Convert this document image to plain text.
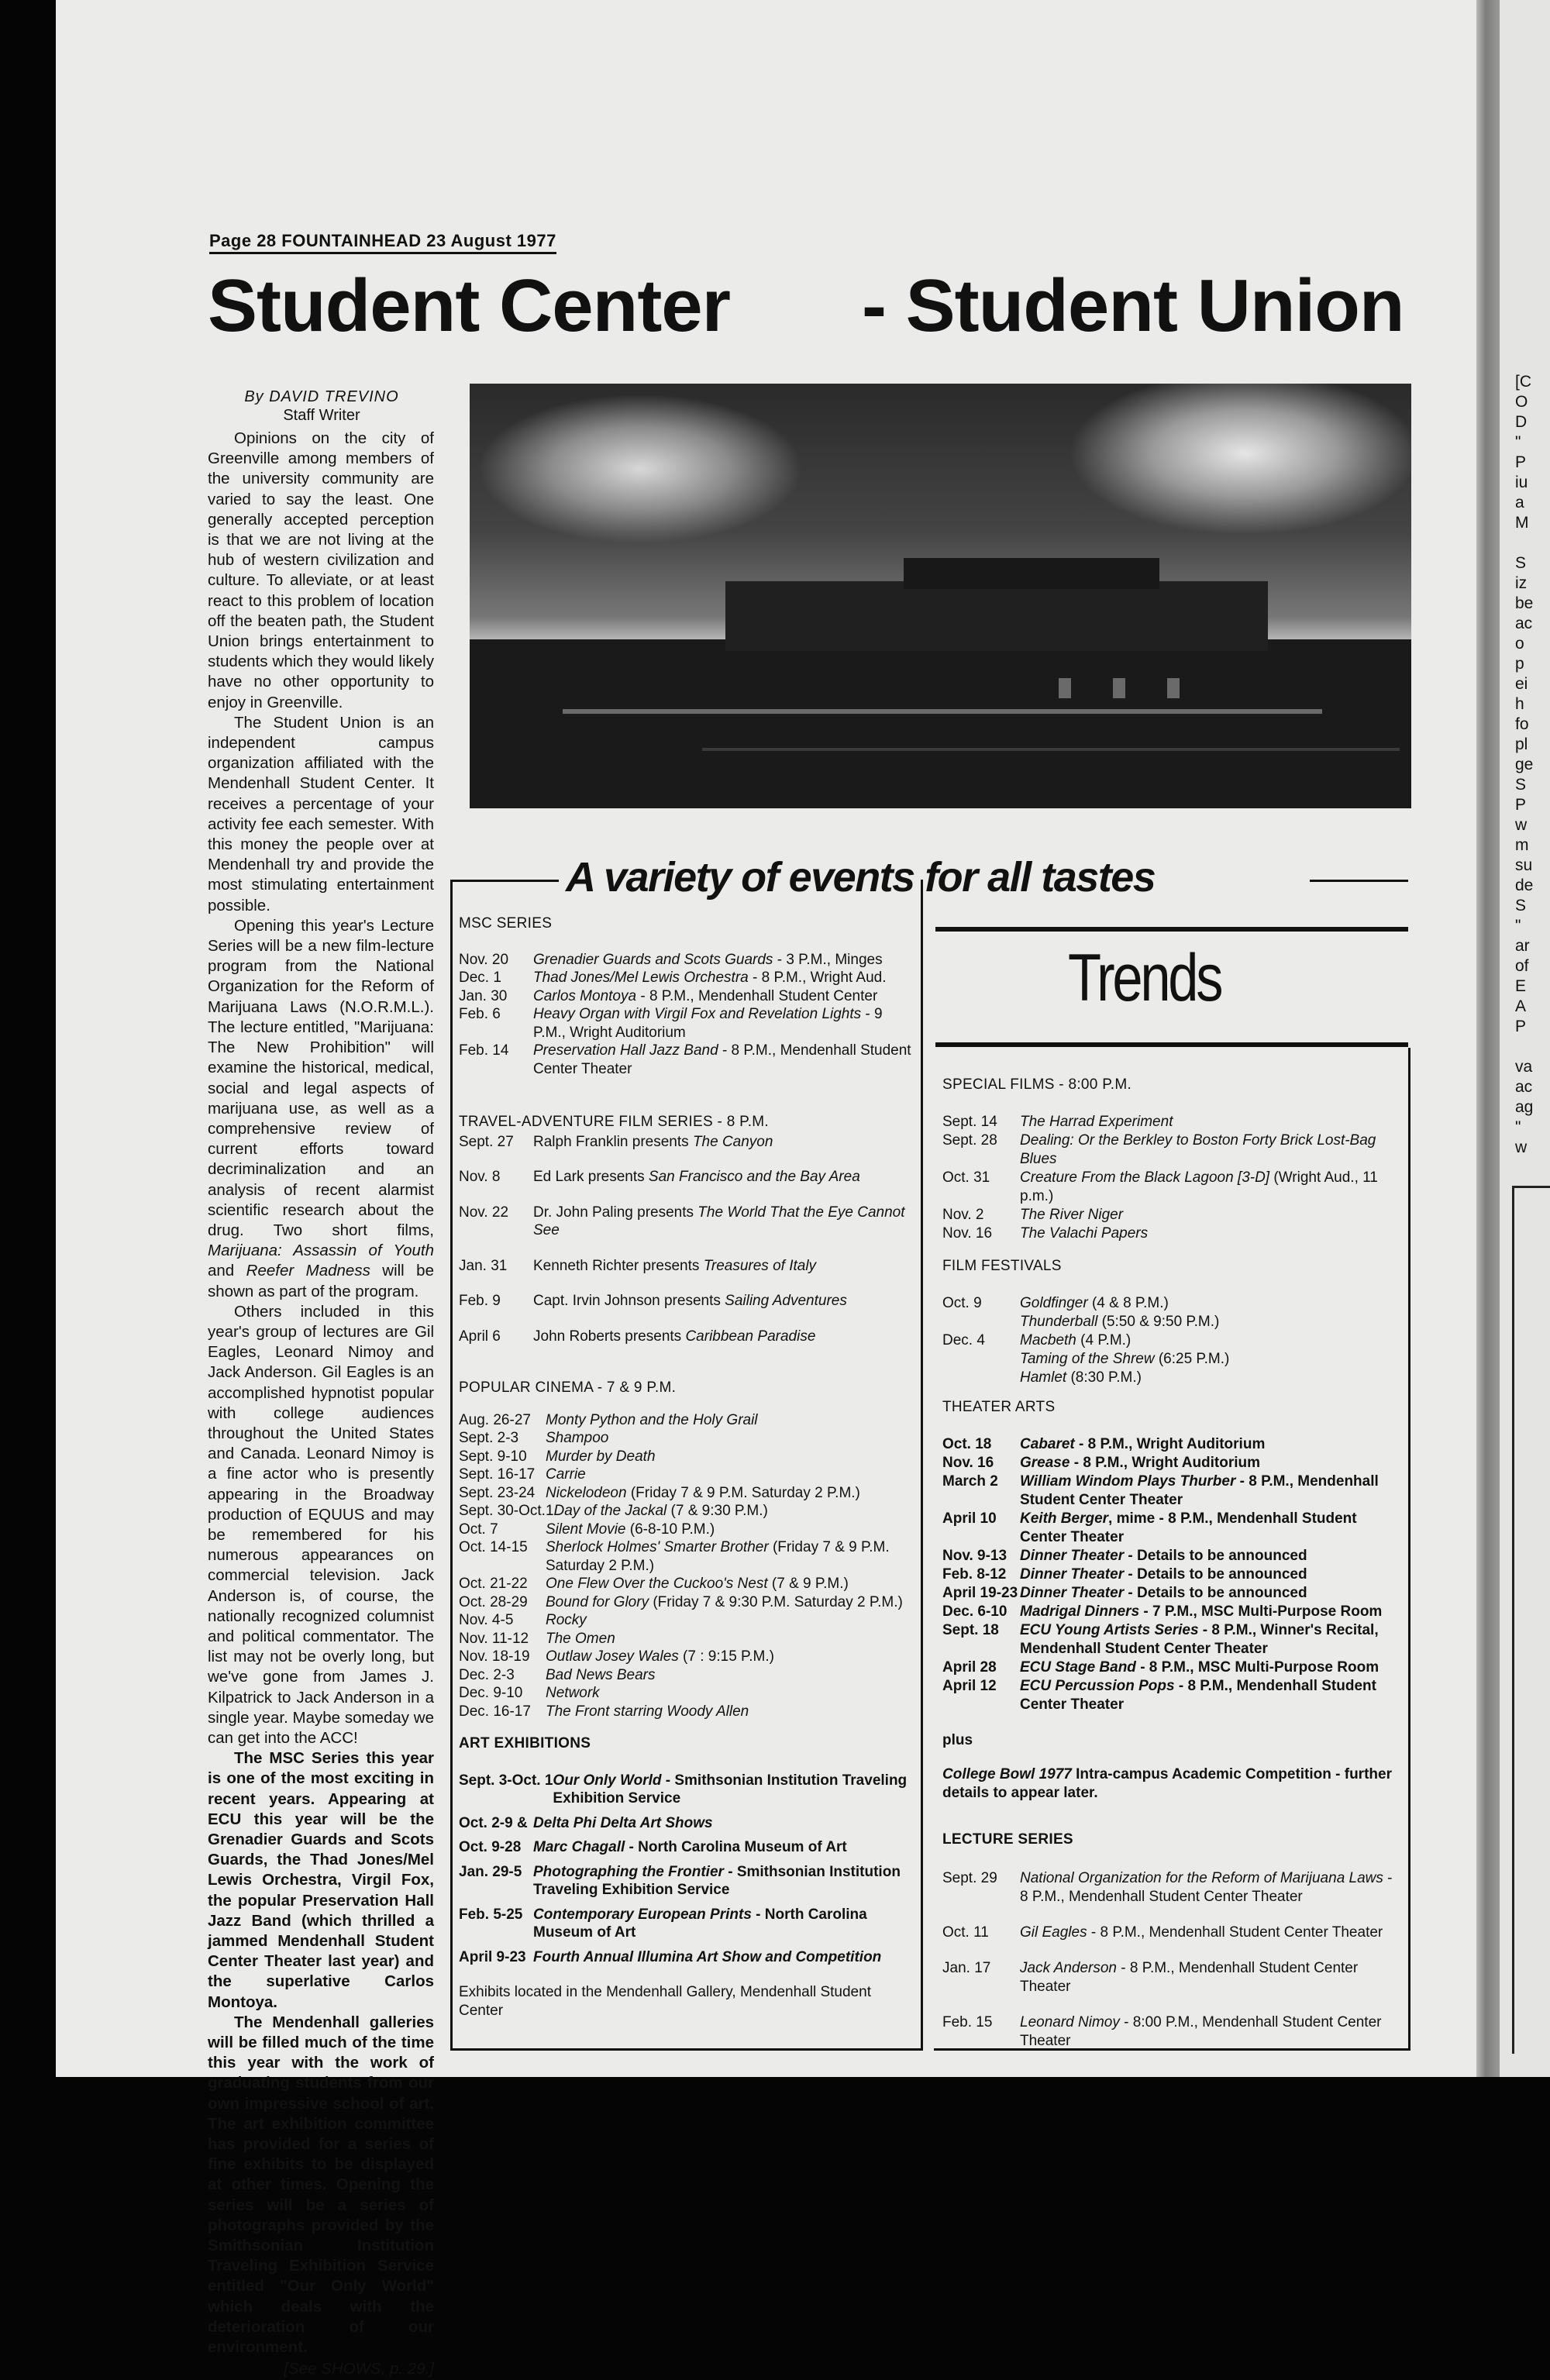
[C
O
D
"
P
iu
a
M
S
iz
be
ac
o
p
ei
h
fo
pl
ge
S
P
w
m
su
de
S
"
ar
of
E
A
P
va
ac
ag
"
w
Page 28 FOUNTAINHEAD 23 August 1977
Student Center - Student Union
By DAVID TREVINO
Staff Writer

Opinions on the city of Greenville among members of the university community are varied to say the least. One generally accepted perception is that we are not living at the hub of western civilization and culture. To alleviate, or at least react to this problem of location off the beaten path, the Student Union brings entertainment to students which they would likely have no other opportunity to enjoy in Greenville.

The Student Union is an independent campus organization affiliated with the Mendenhall Student Center. It receives a percentage of your activity fee each semester. With this money the people over at Mendenhall try and provide the most stimulating entertainment possible.

Opening this year's Lecture Series will be a new film-lecture program from the National Organization for the Reform of Marijuana Laws (N.O.R.M.L.). The lecture entitled, "Marijuana: The New Prohibition" will examine the historical, medical, social and legal aspects of marijuana use, as well as a comprehensive review of current efforts toward decriminalization and an analysis of recent alarmist scientific research about the drug. Two short films, Marijuana: Assassin of Youth and Reefer Madness will be shown as part of the program.

Others included in this year's group of lectures are Gil Eagles, Leonard Nimoy and Jack Anderson. Gil Eagles is an accomplished hypnotist popular with college audiences throughout the United States and Canada. Leonard Nimoy is a fine actor who is presently appearing in the Broadway production of EQUUS and may be remembered for his numerous appearances on commercial television. Jack Anderson is, of course, the nationally recognized columnist and political commentator. The list may not be overly long, but we've gone from James J. Kilpatrick to Jack Anderson in a single year. Maybe someday we can get into the ACC!

The MSC Series this year is one of the most exciting in recent years. Appearing at ECU this year will be the Grenadier Guards and Scots Guards, the Thad Jones/Mel Lewis Orchestra, Virgil Fox, the popular Preservation Hall Jazz Band (which thrilled a jammed Mendenhall Student Center Theater last year) and the superlative Carlos Montoya.

The Mendenhall galleries will be filled much of the time this year with the work of graduating students from our own impressive school of art. The art exhibition committee has provided for a series of fine exhibits to be displayed at other times. Opening the series will be a series of photographs provided by the Smithsonian Institution Traveling Exhibition Service entitled "Our Only World" which deals with the deterioration of our environment.

[See SHOWS, p. 29.]
A variety of events for all tastes
MSC SERIES
Nov. 20	Grenadier Guards and Scots Guards - 3 P.M., Minges
Dec. 1	Thad Jones/Mel Lewis Orchestra - 8 P.M., Wright Aud.
Jan. 30	Carlos Montoya - 8 P.M., Mendenhall Student Center
Feb. 6	Heavy Organ with Virgil Fox and Revelation Lights - 9 P.M., Wright Auditorium
Feb. 14	Preservation Hall Jazz Band - 8 P.M., Mendenhall Student Center Theater
TRAVEL-ADVENTURE FILM SERIES - 8 P.M.
Sept. 27	Ralph Franklin presents The Canyon
Nov. 8	Ed Lark presents San Francisco and the Bay Area
Nov. 22	Dr. John Paling presents The World That the Eye Cannot See
Jan. 31	Kenneth Richter presents Treasures of Italy
Feb. 9	Capt. Irvin Johnson presents Sailing Adventures
April 6	John Roberts presents Caribbean Paradise
POPULAR CINEMA - 7 & 9 P.M.
Aug. 26-27	Monty Python and the Holy Grail
Sept. 2-3	Shampoo
Sept. 9-10	Murder by Death
Sept. 16-17 Carrie
Sept. 23-24 Nickelodeon (Friday 7 & 9 P.M. Saturday 2 P.M.)
Sept. 30-Oct.1 Day of the Jackal (7 & 9:30 P.M.)
Oct. 7	Silent Movie (6-8-10 P.M.)
Oct. 14-15	Sherlock Holmes' Smarter Brother (Friday 7 & 9 P.M. Saturday 2 P.M.)
Oct. 21-22	One Flew Over the Cuckoo's Nest (7 & 9 P.M.)
Oct. 28-29	Bound for Glory (Friday 7 & 9:30 P.M. Saturday 2 P.M.)
Nov. 4-5	Rocky
Nov. 11-12	The Omen
Nov. 18-19	Outlaw Josey Wales (7 : 9:15 P.M.)
Dec. 2-3	Bad News Bears
Dec. 9-10	Network
Dec. 16-17	The Front starring Woody Allen
ART EXHIBITIONS
Sept. 3-Oct. 1 Our Only World - Smithsonian Institution Traveling Exhibition Service
Oct. 2-9 & Delta Phi Delta Art Shows
Oct. 9-28 Marc Chagall - North Carolina Museum of Art
Jan. 29-5 Photographing the Frontier - Smithsonian Institution Traveling Exhibition Service
Feb. 5-25 Contemporary European Prints - North Carolina Museum of Art
April 9-23 Fourth Annual Illumina Art Show and Competition
Exhibits located in the Mendenhall Gallery, Mendenhall Student Center
Trends
SPECIAL FILMS - 8:00 P.M.
Sept. 14	The Harrad Experiment
Sept. 28	Dealing: Or the Berkley to Boston Forty Brick Lost-Bag Blues
Oct. 31	Creature From the Black Lagoon [3-D] (Wright Aud., 11 p.m.)
Nov. 2	The River Niger
Nov. 16	The Valachi Papers
FILM FESTIVALS
Oct. 9	Goldfinger (4 & 8 P.M.)
Thunderball (5:50 & 9:50 P.M.)
Dec. 4	Macbeth (4 P.M.)
Taming of the Shrew (6:25 P.M.)
Hamlet (8:30 P.M.)
THEATER ARTS
Oct. 18	Cabaret - 8 P.M., Wright Auditorium
Nov. 16	Grease - 8 P.M., Wright Auditorium
March 2	William Windom Plays Thurber - 8 P.M., Mendenhall Student Center Theater
April 10	Keith Berger, mime - 8 P.M., Mendenhall Student Center Theater
Nov. 9-13 Dinner Theater - Details to be announced
Feb. 8-12 Dinner Theater - Details to be announced
April 19-23 Dinner Theater - Details to be announced
Dec. 6-10 Madrigal Dinners - 7 P.M., MSC Multi-Purpose Room
Sept. 18	ECU Young Artists Series - 8 P.M., Winner's Recital, Mendenhall Student Center Theater
April 28	ECU Stage Band - 8 P.M., MSC Multi-Purpose Room
April 12	ECU Percussion Pops - 8 P.M., Mendenhall Student Center Theater
plus
College Bowl 1977 Intra-campus Academic Competition - further details to appear later.
LECTURE SERIES
Sept. 29	National Organization for the Reform of Marijuana Laws - 8 P.M., Mendenhall Student Center Theater
Oct. 11	Gil Eagles - 8 P.M., Mendenhall Student Center Theater
Jan. 17	Jack Anderson - 8 P.M., Mendenhall Student Center Theater
Feb. 15	Leonard Nimoy - 8:00 P.M., Mendenhall Student Center Theater
